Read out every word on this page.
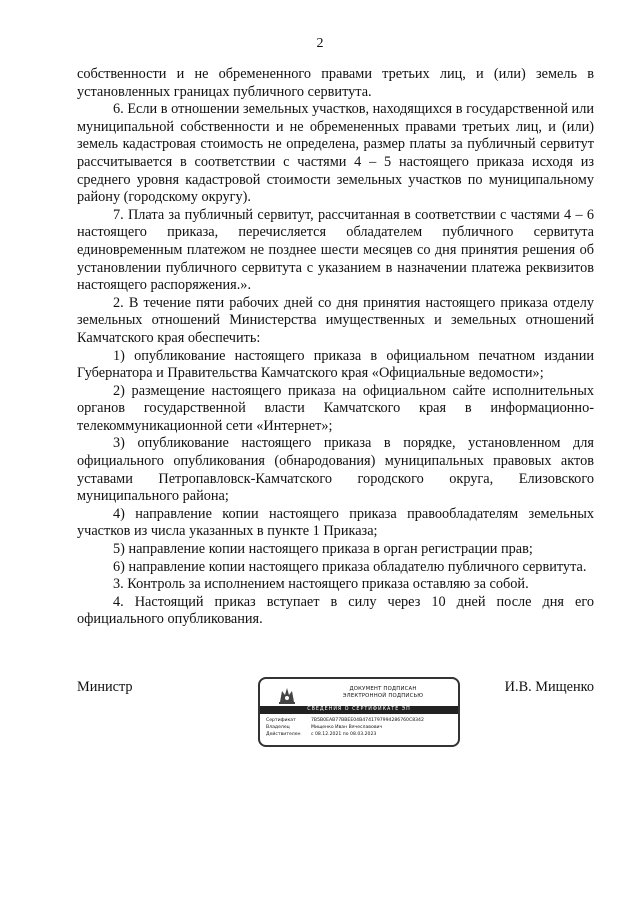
2

собственности и не обремененного правами третьих лиц, и (или) земель в установленных границах публичного сервитута.

6. Если в отношении земельных участков, находящихся в государственной или муниципальной собственности и не обремененных правами третьих лиц, и (или) земель кадастровая стоимость не определена, размер платы за публичный сервитут рассчитывается в соответствии с частями 4 – 5 настоящего приказа исходя из среднего уровня кадастровой стоимости земельных участков по муниципальному району (городскому округу).

7. Плата за публичный сервитут, рассчитанная в соответствии с частями 4 – 6 настоящего приказа, перечисляется обладателем публичного сервитута единовременным платежом не позднее шести месяцев со дня принятия решения об установлении публичного сервитута с указанием в назначении платежа реквизитов настоящего распоряжения.».

2. В течение пяти рабочих дней со дня принятия настоящего приказа отделу земельных отношений Министерства имущественных и земельных отношений Камчатского края обеспечить:

1) опубликование настоящего приказа в официальном печатном издании Губернатора и Правительства Камчатского края «Официальные ведомости»;

2) размещение настоящего приказа на официальном сайте исполнительных органов государственной власти Камчатского края в информационно-телекоммуникационной сети «Интернет»;

3) опубликование настоящего приказа в порядке, установленном для официального опубликования (обнародования) муниципальных правовых актов уставами Петропавловск-Камчатского городского округа, Елизовского муниципального района;

4) направление копии настоящего приказа правообладателям земельных участков из числа указанных в пункте 1 Приказа;

5) направление копии настоящего приказа в орган регистрации прав;

6) направление копии настоящего приказа обладателю публичного сервитута.

3. Контроль за исполнением настоящего приказа оставляю за собой.

4. Настоящий приказ вступает в силу через 10 дней после дня его официального опубликования.

Министр	ДОКУМЕНТ ПОДПИСАН
ЭЛЕКТРОННОЙ ПОДПИСЬЮ
СВЕДЕНИЯ О СЕРТИФИКАТЕ ЭП
Сертификат	7B5B0EAB77BBEE04B4741797994286760C8342
Владелец	Мищенко Иван Вячеславович
Действителен	с 08.12.2021 по 08.03.2023
И.В. Мищенко
